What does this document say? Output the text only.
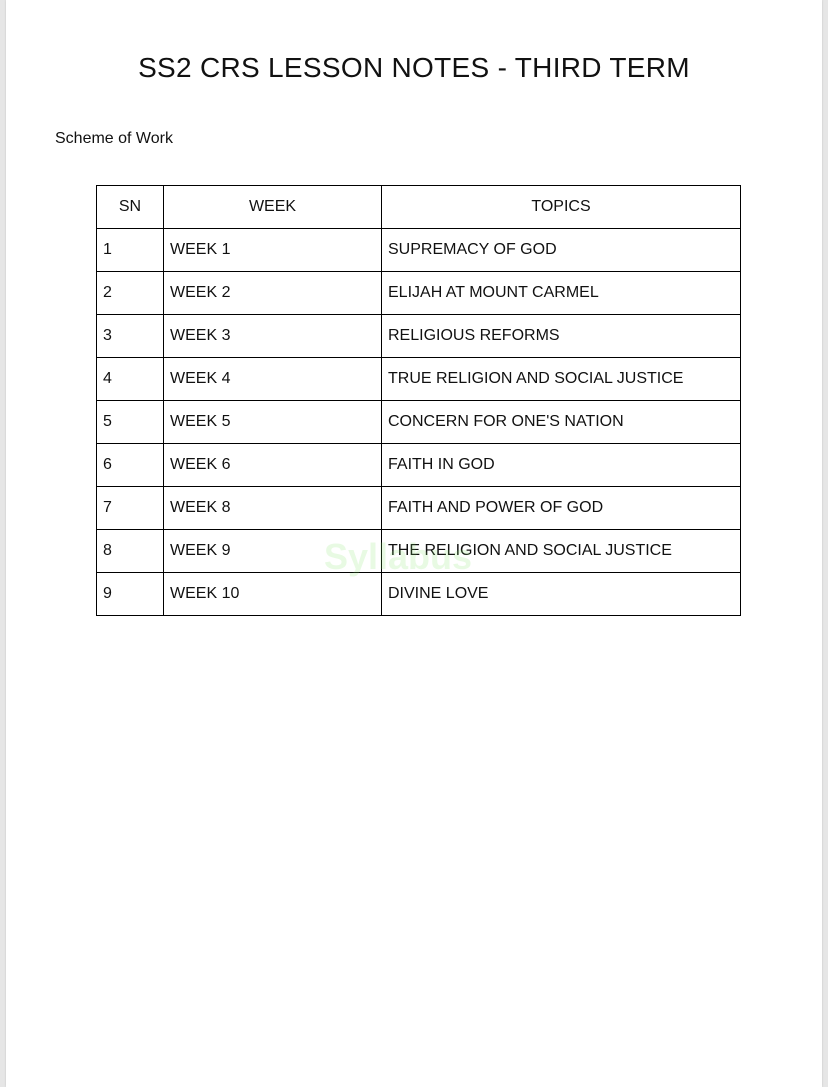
SS2 CRS LESSON NOTES - THIRD TERM
Scheme of Work
SN	WEEK	TOPICS
1	WEEK 1	SUPREMACY OF GOD
2	WEEK 2	ELIJAH AT MOUNT CARMEL
3	WEEK 3	RELIGIOUS REFORMS
4	WEEK 4	TRUE RELIGION AND SOCIAL JUSTICE
5	WEEK 5	CONCERN FOR ONE'S NATION
6	WEEK 6	FAITH IN GOD
7	WEEK 8	FAITH AND POWER OF GOD
8	WEEK 9	THE RELIGION AND SOCIAL JUSTICE
9	WEEK 10	DIVINE LOVE
Syllabus
